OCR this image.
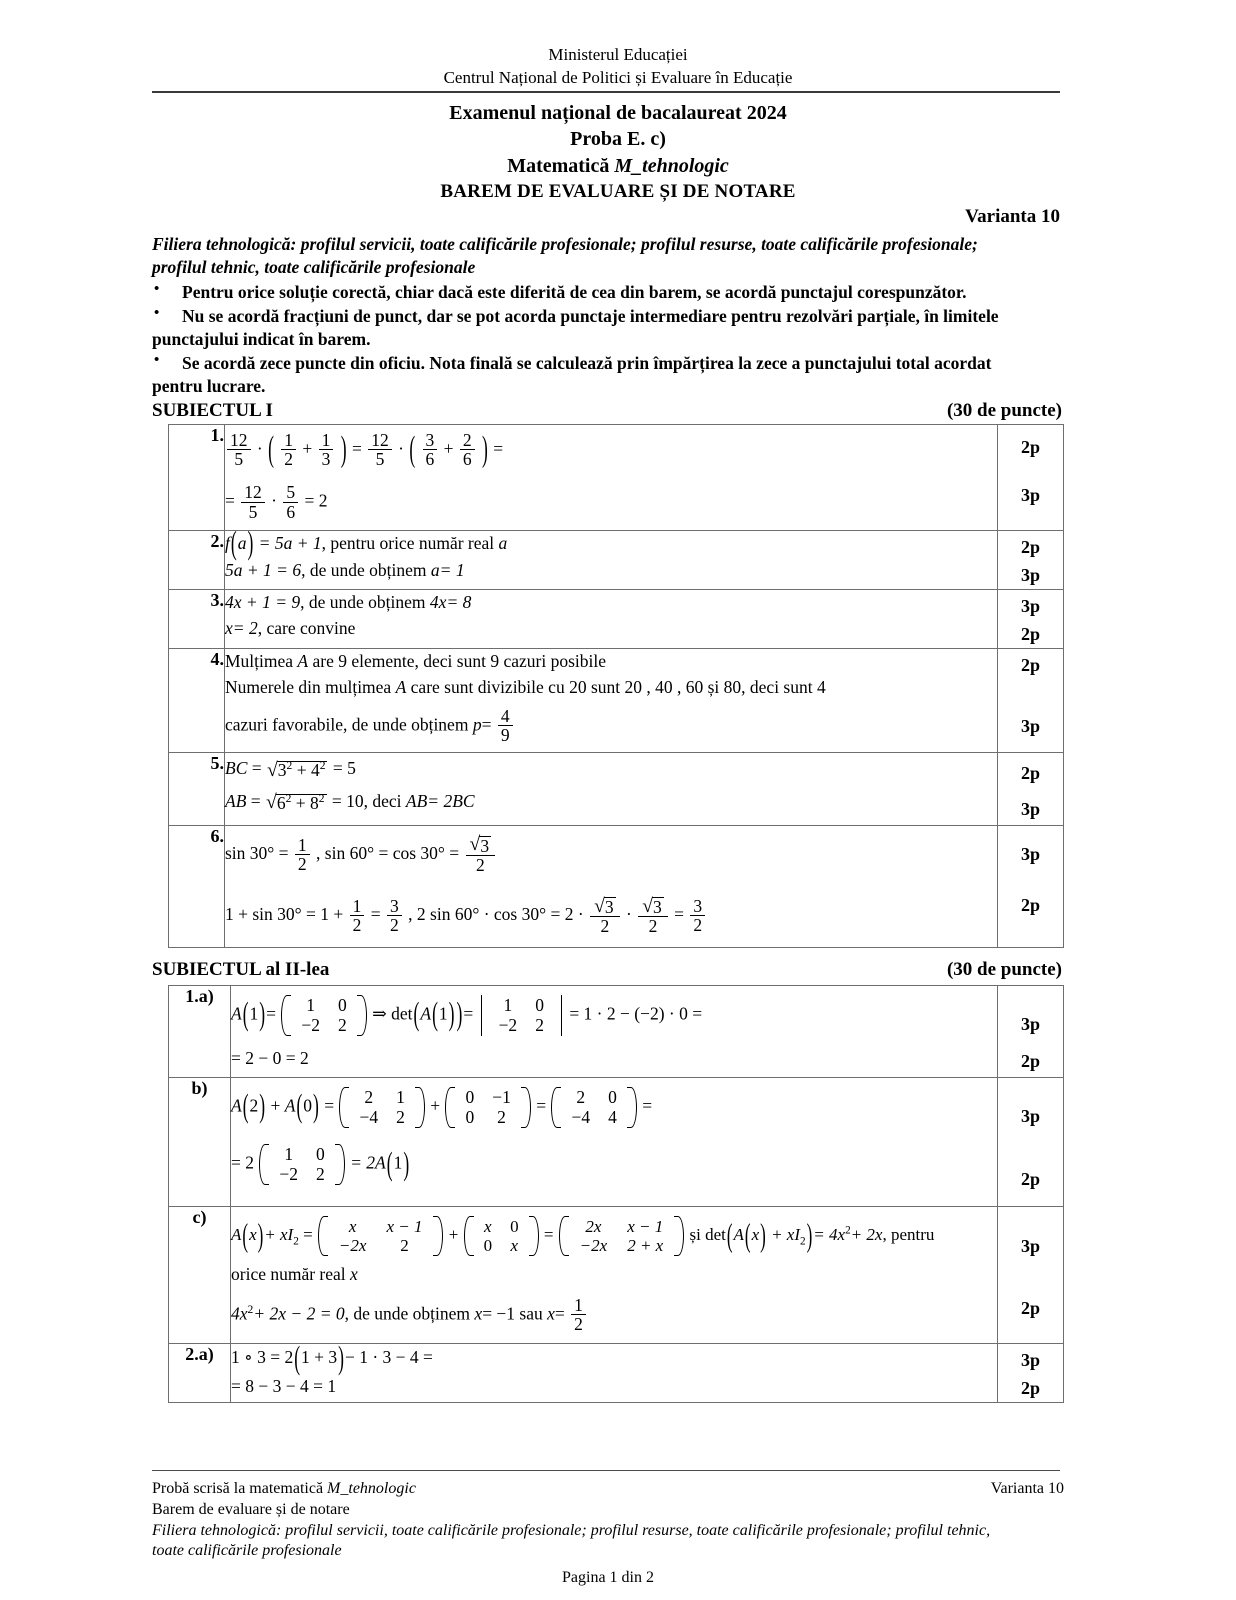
Ministerul Educației
Centrul Național de Politici și Evaluare în Educație
Examenul național de bacalaureat 2024
Proba E. c)
Matematică M_tehnologic
BAREM DE EVALUARE ȘI DE NOTARE
Varianta 10
Filiera tehnologică: profilul servicii, toate calificările profesionale; profilul resurse, toate calificările profesionale;
profilul tehnic, toate calificările profesionale
• Pentru orice soluție corectă, chiar dacă este diferită de cea din barem, se acordă punctajul corespunzător.
• Nu se acordă fracțiuni de punct, dar se pot acorda punctaje intermediare pentru rezolvări parțiale, în limitele
punctajului indicat în barem.
• Se acordă zece puncte din oficiu. Nota finală se calculează prin împărțirea la zece a punctajului total acordat
pentru lucrare.
SUBIECTUL I	(30 de puncte)
1.	$\frac{12}{5}$ · ( $\frac{1}{2} + \frac{1}{3}$ ) = $\frac{12}{5}$ · ( $\frac{3}{6} + \frac{2}{6}$ ) =
= $\frac{12}{5} \cdot \frac{5}{6} = 2$

2p
3p

2.	f(a) = 5a + 1, pentru orice număr real a
5a + 1 = 6, de unde obținem a= 1

2p
3p

3.	4x + 1 = 9, de unde obținem 4x= 8
x= 2, care convine

3p
2p

4.	Mulțimea A are 9 elemente, deci sunt 9 cazuri posibile
Numerele din mulțimea A care sunt divizibile cu 20 sunt 20 , 40 , 60 și 80, deci sunt 4
cazuri favorabile, de unde obținem $p= \frac{4}{9}$

2p
3p

5.	BC = √ $3^2 + 4^2 = 5$
AB = √ $6^2 + 8^2 = 10$, deci AB= 2BC

2p
3p

6.	
$\sin 30^\circ = \frac{1}{2}$ , $\sin 60^\circ = \cos 30^\circ = \frac{√ 3}{2}$
$1 + \sin 30^\circ = 1 + \frac{1}{2} = \frac{3}{2}$ , 2 $\sin 60^\circ \cdot \cos 30^\circ = 2 \cdot \frac{√ 3}{2} \cdot \frac{√ 3}{2} = \frac{3}{2}$

3p
2p
SUBIECTUL al II-lea	(30 de puncte)
1.a)	
A(1)= 1	0
−2	2
⇒ det(A(1) )= 1	0
−2	2
= 1 · 2 − (−2) · 0 =
= 2 − 0 = 2

3p
2p

b)	
A(2) + A(0) = 2	1
−4	2
+ 0	−1
0	2
= 2	0
−4	4
=
= 2 1	0
−2	2
= 2A(1)

3p
2p

c)	
$A(x)+ xI_2 = x$	x − 1
−2x	2
+ x	0
0	x
= 2x	x − 1
−2x	2 + x
și $\det(A(x) + xI_2)= 4x^2+ 2x$, pentru
orice număr real x
$4x^2+ 2x - 2 = 0$, de unde obținem x= −1 sau $x= \frac{1}{2}$

3p
2p

2.a)	1 ∘ 3 = 2(1 + 3)− 1 · 3 − 4 =
= 8 − 3 − 4 = 1

3p
2p
Probă scrisă la matematică M_tehnologic	Varianta 10
Barem de evaluare și de notare
Filiera tehnologică: profilul servicii, toate calificările profesionale; profilul resurse, toate calificările profesionale; profilul tehnic,
toate calificările profesionale
Pagina 1 din 2
